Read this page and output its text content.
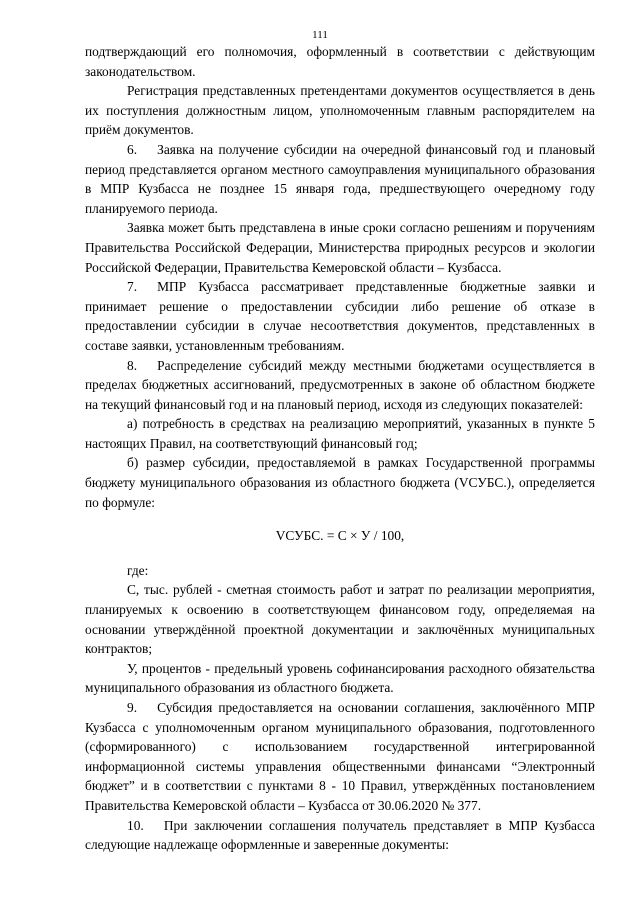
111

подтверждающий его полномочия, оформленный в соответствии с действующим законодательством.

Регистрация представленных претендентами документов осуществляется в день их поступления должностным лицом, уполномоченным главным распорядителем на приём документов.

6.  Заявка на получение субсидии на очередной финансовый год и плановый период представляется органом местного самоуправления муниципального образования в МПР Кузбасса не позднее 15 января года, предшествующего очередному году планируемого периода.

Заявка может быть представлена в иные сроки согласно решениям и поручениям Правительства Российской Федерации, Министерства природных ресурсов и экологии Российской Федерации, Правительства Кемеровской области – Кузбасса.

7.  МПР Кузбасса рассматривает представленные бюджетные заявки и принимает решение о предоставлении субсидии либо решение об отказе в предоставлении субсидии в случае несоответствия документов, представленных в составе заявки, установленным требованиям.

8.  Распределение субсидий между местными бюджетами осуществляется в пределах бюджетных ассигнований, предусмотренных в законе об областном бюджете на текущий финансовый год и на плановый период, исходя из следующих показателей:

а) потребность в средствах на реализацию мероприятий, указанных в пункте 5 настоящих Правил, на соответствующий финансовый год;

б) размер субсидии, предоставляемой в рамках Государственной программы бюджету муниципального образования из областного бюджета (VСУБС.), определяется по формуле:

VСУБС. = С × У / 100,

где:

С, тыс. рублей - сметная стоимость работ и затрат по реализации мероприятия, планируемых к освоению в соответствующем финансовом году, определяемая на основании утверждённой проектной документации и заключённых муниципальных контрактов;

У, процентов - предельный уровень софинансирования расходного обязательства муниципального образования из областного бюджета.

9.  Субсидия предоставляется на основании соглашения, заключённого МПР Кузбасса с уполномоченным органом муниципального образования, подготовленного (сформированного) с использованием государственной интегрированной информационной системы управления общественными финансами “Электронный бюджет” и в соответствии с пунктами 8 - 10 Правил, утверждённых постановлением Правительства Кемеровской области – Кузбасса от 30.06.2020 № 377.

10.  При заключении соглашения получатель представляет в МПР Кузбасса следующие надлежаще оформленные и заверенные документы:
